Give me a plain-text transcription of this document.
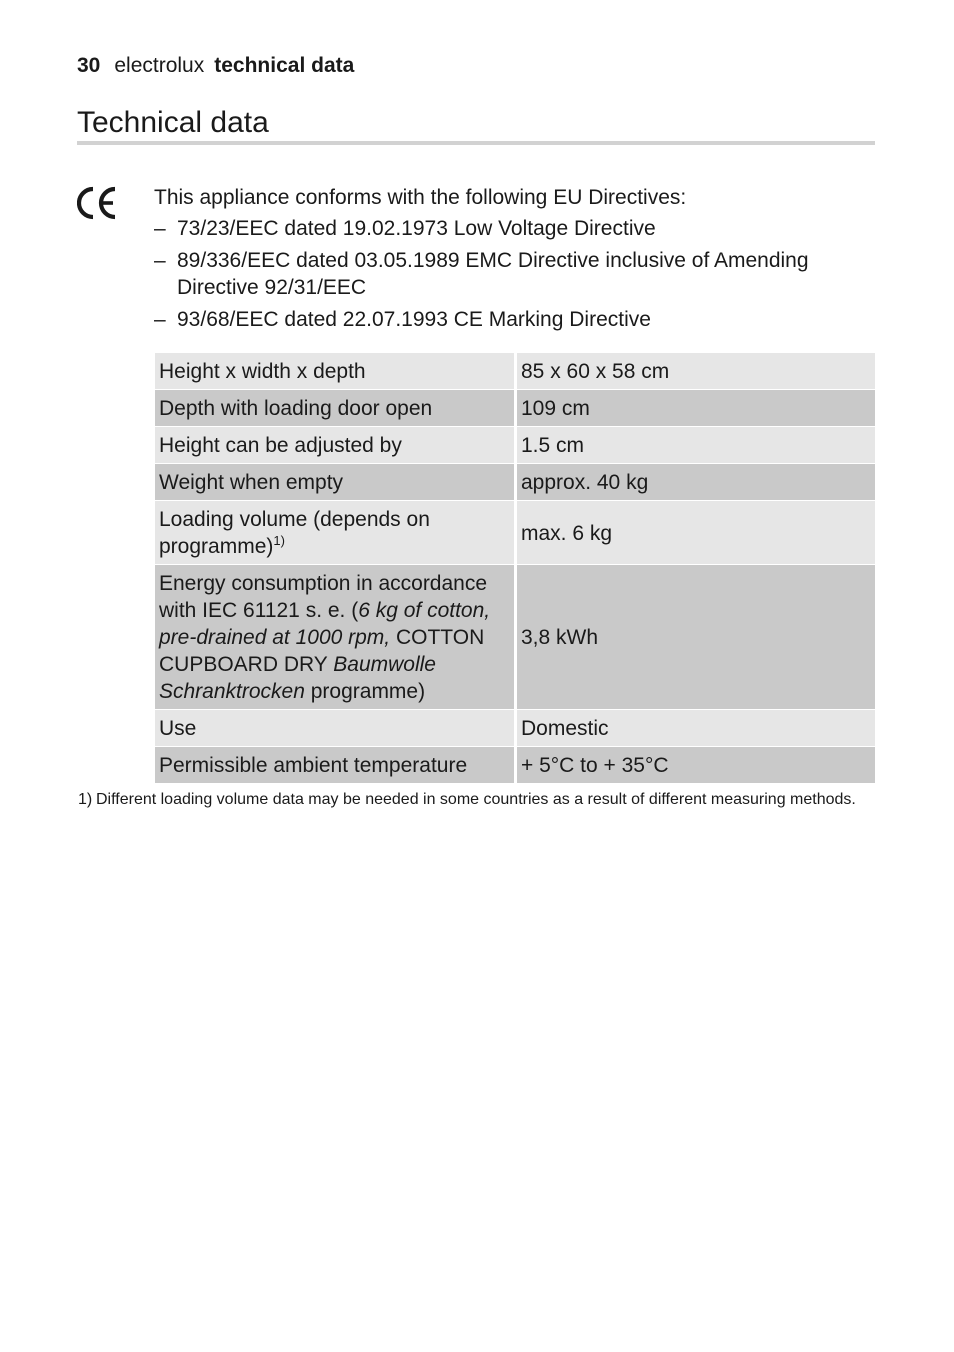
30 electrolux technical data
Technical data

This appliance conforms with the following EU Directives:

– 73/23/EEC dated 19.02.1973 Low Voltage Directive
– 89/336/EEC dated 03.05.1989 EMC Directive inclusive of Amending Directive 92/31/EEC
– 93/68/EEC dated 22.07.1993 CE Marking Directive
Height x width x depth	85 x 60 x 58 cm
Depth with loading door open	109 cm
Height can be adjusted by	1.5 cm
Weight when empty	approx. 40 kg
Loading volume (depends on programme)$^{1)}$	max. 6 kg
Energy consumption in accordance with IEC 61121 s. e. (6 kg of cotton, pre-drained at 1000 rpm, COTTON CUPBOARD DRY Baumwolle Schranktrocken programme)	3,8 kWh
Use	Domestic
Permissible ambient temperature	+ 5°C to + 35°C
1) Different loading volume data may be needed in some countries as a result of different measuring methods.
